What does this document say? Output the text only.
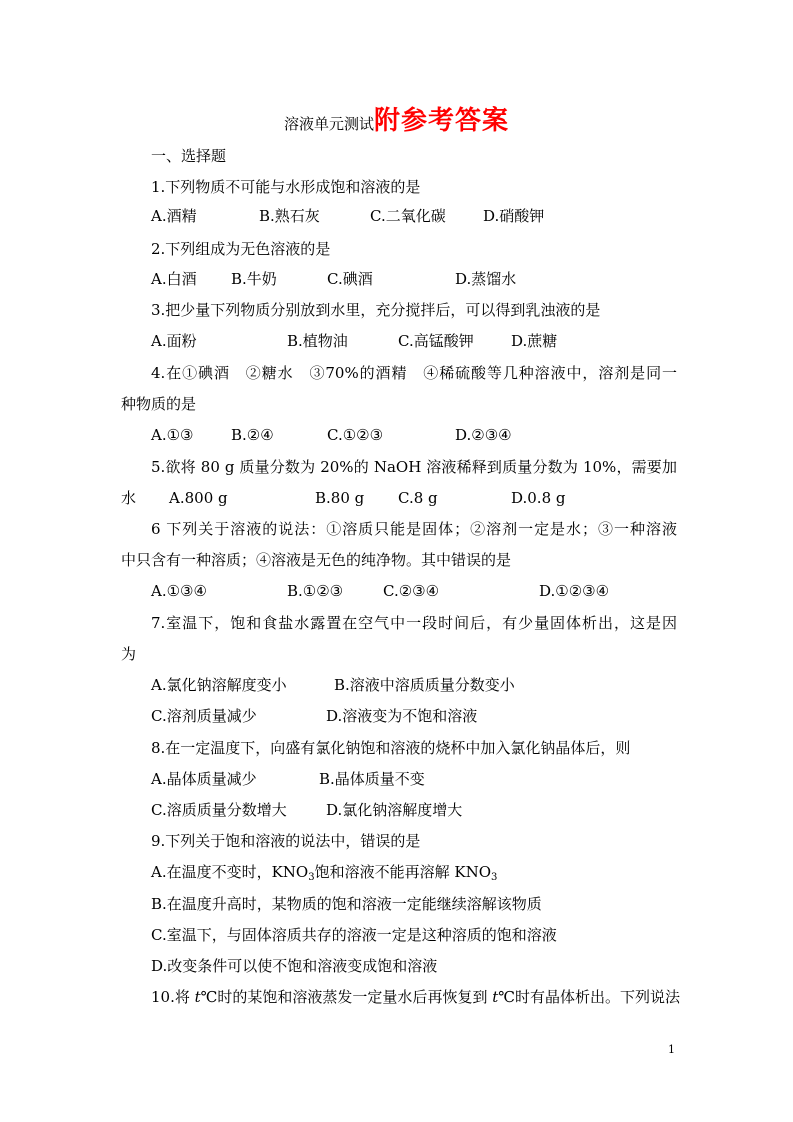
溶液单元测试附参考答案
一、选择题
1.下列物质不可能与水形成饱和溶液的是
A.酒精	B.熟石灰	C.二氧化碳 D.硝酸钾
2.下列组成为无色溶液的是
A.白酒 B.牛奶	C.碘酒	D.蒸馏水
3.把少量下列物质分别放到水里，充分搅拌后，可以得到乳浊液的是
A.面粉	B.植物油	C.高锰酸钾 D.蔗糖
4.在①碘酒　②糖水　③70%的酒精　④稀硫酸等几种溶液中，溶剂是同一
种物质的是
A.①③	B.②④	C.①②③	D.②③④
5.欲将 80 g 质量分数为 20%的 NaOH 溶液稀释到质量分数为 10%，需要加
水 A.800 g	B.80 g C.8 g	D.0.8 g
6 下列关于溶液的说法：①溶质只能是固体；②溶剂一定是水；③一种溶液
中只含有一种溶质；④溶液是无色的纯净物。其中错误的是
A.①③④	B.①②③	C.②③④	D.①②③④
7.室温下，饱和食盐水露置在空气中一段时间后，有少量固体析出，这是因
为
A.氯化钠溶解度变小	B.溶液中溶质质量分数变小
C.溶剂质量减少	D.溶液变为不饱和溶液
8.在一定温度下，向盛有氯化钠饱和溶液的烧杯中加入氯化钠晶体后，则
A.晶体质量减少	B.晶体质量不变
C.溶质质量分数增大	D.氯化钠溶解度增大
9.下列关于饱和溶液的说法中，错误的是
A.在温度不变时，$KNO_3$饱和溶液不能再溶解 $KNO_3$
B.在温度升高时，某物质的饱和溶液一定能继续溶解该物质
C.室温下，与固体溶质共存的溶液一定是这种溶质的饱和溶液
D.改变条件可以使不饱和溶液变成饱和溶液
10.将 t℃时的某饱和溶液蒸发一定量水后再恢复到 t℃时有晶体析出。下列说法
1
